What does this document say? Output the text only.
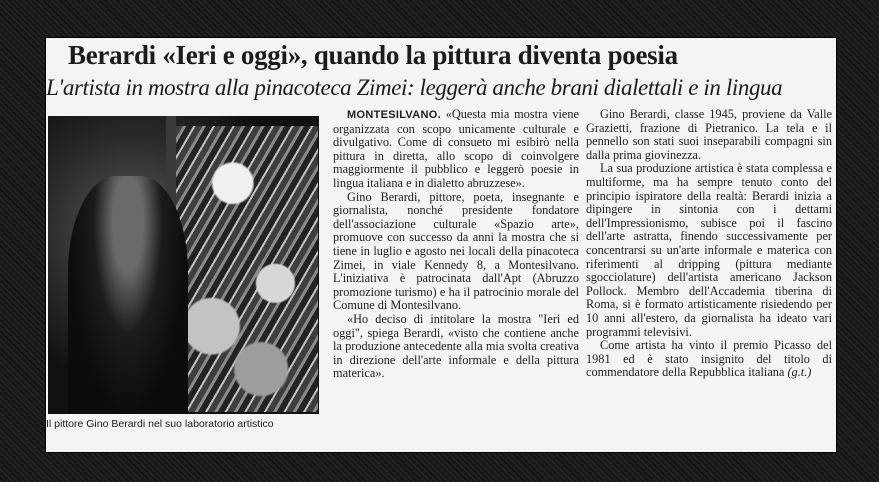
Berardi «Ieri e oggi», quando la pittura diventa poesia
L'artista in mostra alla pinacoteca Zimei: leggerà anche brani dialettali e in lingua
Il pittore Gino Berardi nel suo laboratorio artistico

MONTESILVANO. «Questa mia mostra viene organizzata con scopo unicamente culturale e divulgativo. Come di consueto mi esibirò nella pittura in diretta, allo scopo di coinvolgere maggiormente il pubblico e leggerò poesie in lingua italiana e in dialetto abruzzese».

Gino Berardi, pittore, poeta, insegnante e giornalista, nonché presidente fondatore dell'associazione culturale «Spazio arte», promuove con successo da anni la mostra che si tiene in luglio e agosto nei locali della pinacoteca Zimei, in viale Kennedy 8, a Montesilvano. L'iniziativa è patrocinata dall'Apt (Abruzzo promozione turismo) e ha il patrocinio morale del Comune di Montesilvano.

«Ho deciso di intitolare la mostra "Ieri ed oggi", spiega Berardi, «visto che contiene anche la produzione antecedente alla mia svolta creativa in direzione dell'arte informale e della pittura materica».

Gino Berardi, classe 1945, proviene da Valle Grazietti, frazione di Pietranico. La tela e il pennello son stati suoi inseparabili compagni sin dalla prima giovinezza.

La sua produzione artistica è stata complessa e multiforme, ma ha sempre tenuto conto del principio ispiratore della realtà: Berardi inizia a dipingere in sintonia con i dettami dell'Impressionismo, subisce poi il fascino dell'arte astratta, finendo successivamente per concentrarsi su un'arte informale e materica con riferimenti al dripping (pittura mediante sgocciolature) dell'artista americano Jackson Pollock. Membro dell'Accademia tiberina di Roma, si è formato artisticamente risiedendo per 10 anni all'estero, da giornalista ha ideato vari programmi televisivi.

Come artista ha vinto il premio Picasso del 1981 ed è stato insignito del titolo di commendatore della Repubblica italiana (g.t.)
